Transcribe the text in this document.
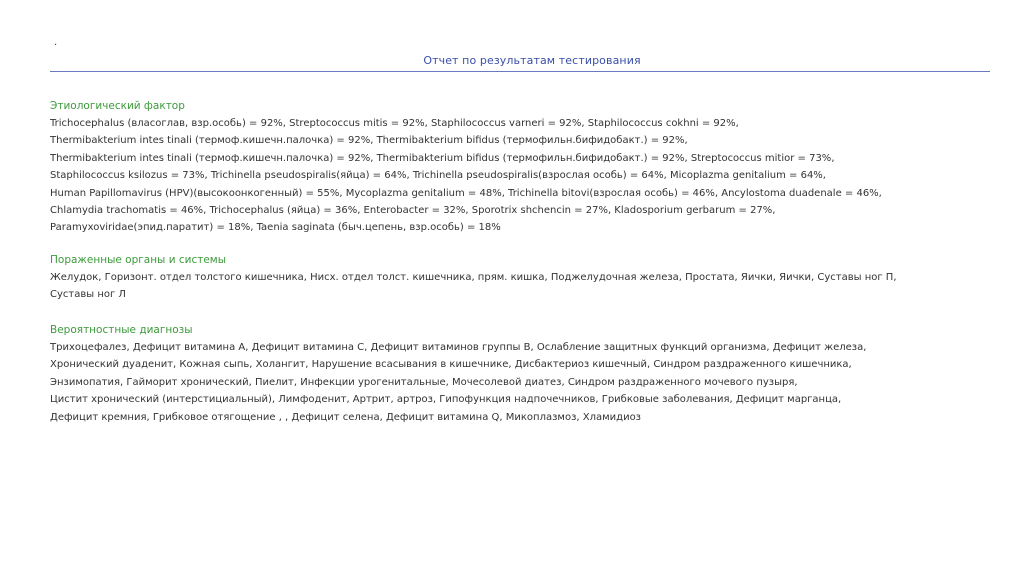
.
Отчет по результатам тестирования
Этиологический фактор
Trichocephalus (власоглав, взр.особь) = 92%, Streptococcus mitis = 92%, Staphilococcus varneri = 92%, Staphilococcus cokhni = 92%,
Thermibakterium intes tinali (термоф.кишечн.палочка) = 92%, Thermibakterium bifidus (термофильн.бифидобакт.) = 92%,
Thermibakterium intes tinali (термоф.кишечн.палочка) = 92%, Thermibakterium bifidus (термофильн.бифидобакт.) = 92%, Streptococcus mitior = 73%,
Staphilococcus ksilozus = 73%, Trichinella pseudospiralis(яйца) = 64%, Trichinella pseudospiralis(взрослая особь) = 64%, Micoplazma genitalium = 64%,
Human Papillomavirus (HPV)(высокоонкогенный) = 55%, Mycoplazma genitalium = 48%, Trichinella bitovi(взрослая особь) = 46%, Ancylostoma duadenale = 46%,
Chlamydia trachomatis = 46%, Trichocephalus (яйца) = 36%, Enterobacter = 32%, Sporotrix shchencin = 27%, Kladosporium gerbarum = 27%,
Paramyxoviridae(эпид.паратит) = 18%, Taenia saginata (быч.цепень, взр.особь) = 18%
Пораженные органы и системы
Желудок, Горизонт. отдел толстого кишечника, Нисх. отдел толст. кишечника, прям. кишка, Поджелудочная железа, Простата, Яички, Яички, Суставы ног П,
Суставы ног Л
Вероятностные диагнозы
Трихоцефалез, Дефицит витамина А, Дефицит витамина С, Дефицит витаминов группы В, Ослабление защитных функций организма, Дефицит железа,
Хронический дуаденит, Кожная сыпь, Холангит, Нарушение всасывания в кишечнике, Дисбактериоз кишечный, Синдром раздраженного кишечника,
Энзимопатия, Гайморит хронический, Пиелит, Инфекции урогенитальные, Мочесолевой диатез, Синдром раздраженного мочевого пузыря,
Цистит хронический (интерстициальный), Лимфоденит, Артрит, артроз, Гипофункция надпочечников, Грибковые заболевания, Дефицит марганца,
Дефицит кремния, Грибковое отягощение , , Дефицит селена, Дефицит витамина Q, Микоплазмоз, Хламидиоз
